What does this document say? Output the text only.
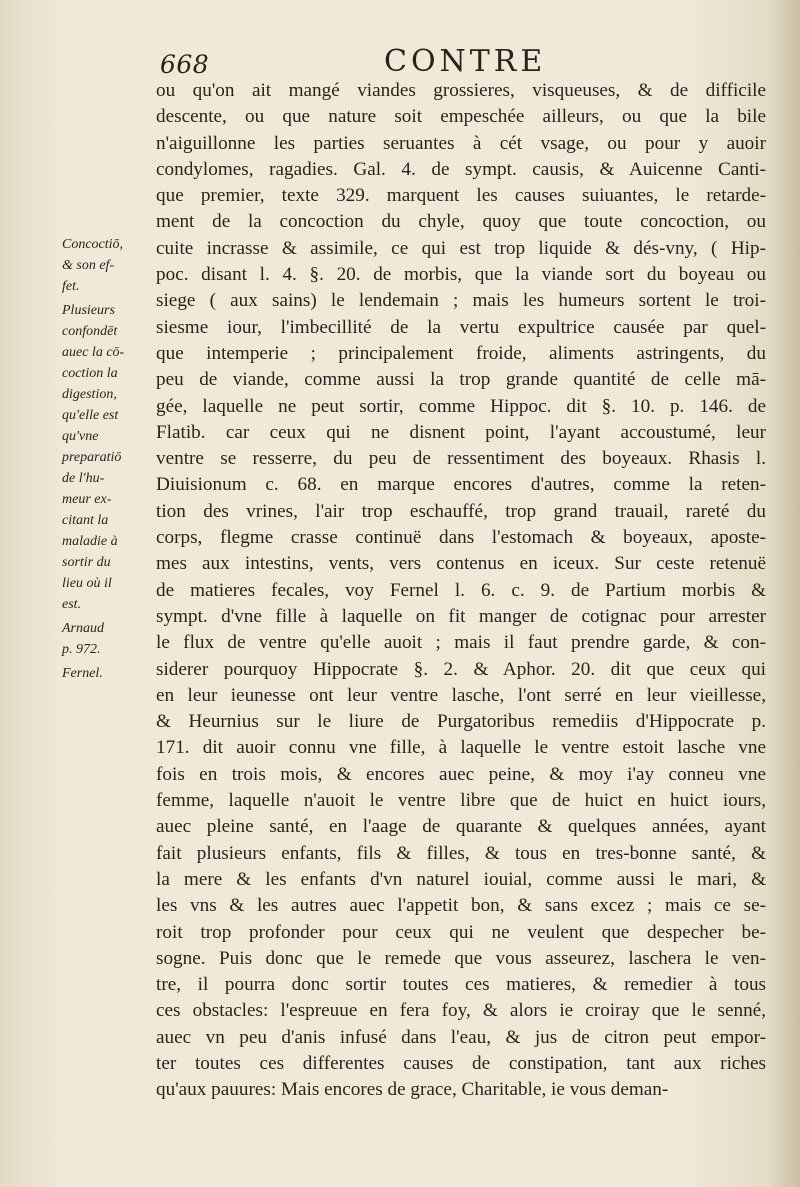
668	CONTRE
Concoctiō,
& son ef-
fet.
Plusieurs
confondēt
auec la cō-
coction la
digestion,
qu'elle est
qu'vne
preparatiō
de l'hu-
meur ex-
citant la
maladie à
sortir du
lieu où il
est.
Arnaud
p. 972.
Fernel.
ou qu'on ait mangé viandes grossieres, visqueuses, & de difficile
descente, ou que nature soit empeschée ailleurs, ou que la bile
n'aiguillonne les parties seruantes à cét vsage, ou pour y auoir
condylomes, ragadies. Gal. 4. de sympt. causis, & Auicenne Canti-
que premier, texte 329. marquent les causes suiuantes, le retarde-
ment de la concoction du chyle, quoy que toute concoction, ou
cuite incrasse & assimile, ce qui est trop liquide & dés-vny, ( Hip-
poc. disant l. 4. §. 20. de morbis, que la viande sort du boyeau ou
siege ( aux sains) le lendemain ; mais les humeurs sortent le troi-
siesme iour, l'imbecillité de la vertu expultrice causée par quel-
que intemperie ; principalement froide, aliments astringents, du
peu de viande, comme aussi la trop grande quantité de celle mā-
gée, laquelle ne peut sortir, comme Hippoc. dit §. 10. p. 146. de
Flatib. car ceux qui ne disnent point, l'ayant accoustumé, leur
ventre se resserre, du peu de ressentiment des boyeaux. Rhasis l.
Diuisionum c. 68. en marque encores d'autres, comme la reten-
tion des vrines, l'air trop eschauffé, trop grand trauail, rareté du
corps, flegme crasse continuë dans l'estomach & boyeaux, aposte-
mes aux intestins, vents, vers contenus en iceux. Sur ceste retenuë
de matieres fecales, voy Fernel l. 6. c. 9. de Partium morbis &
sympt. d'vne fille à laquelle on fit manger de cotignac pour arrester
le flux de ventre qu'elle auoit ; mais il faut prendre garde, & con-
siderer pourquoy Hippocrate §. 2. & Aphor. 20. dit que ceux qui
en leur ieunesse ont leur ventre lasche, l'ont serré en leur vieillesse,
& Heurnius sur le liure de Purgatoribus remediis d'Hippocrate p.
171. dit auoir connu vne fille, à laquelle le ventre estoit lasche vne
fois en trois mois, & encores auec peine, & moy i'ay conneu vne
femme, laquelle n'auoit le ventre libre que de huict en huict iours,
auec pleine santé, en l'aage de quarante & quelques années, ayant
fait plusieurs enfants, fils & filles, & tous en tres-bonne santé, &
la mere & les enfants d'vn naturel iouial, comme aussi le mari, &
les vns & les autres auec l'appetit bon, & sans excez ; mais ce se-
roit trop profonder pour ceux qui ne veulent que despecher be-
sogne. Puis donc que le remede que vous asseurez, laschera le ven-
tre, il pourra donc sortir toutes ces matieres, & remedier à tous
ces obstacles: l'espreuue en fera foy, & alors ie croiray que le senné,
auec vn peu d'anis infusé dans l'eau, & jus de citron peut empor-
ter toutes ces differentes causes de constipation, tant aux riches
qu'aux pauures: Mais encores de grace, Charitable, ie vous deman-
